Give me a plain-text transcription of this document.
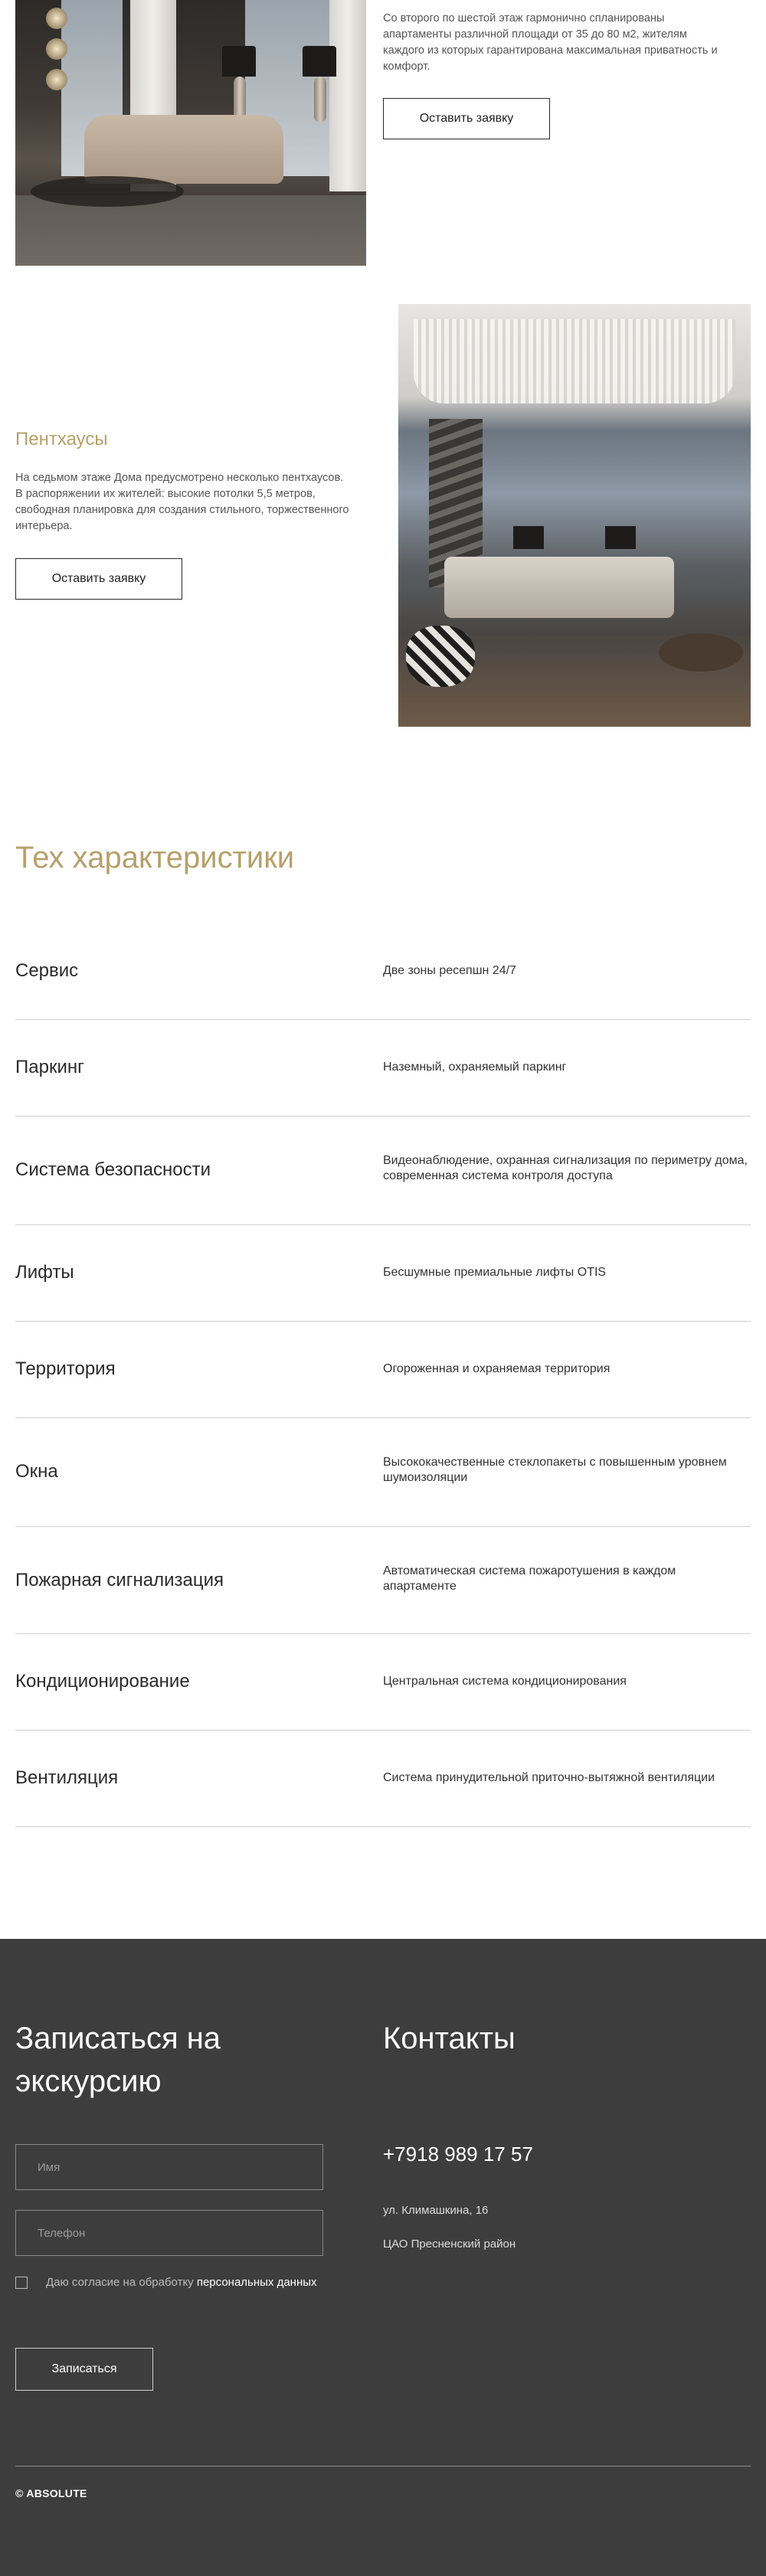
Со второго по шестой этаж гармонично спланированы апартаменты различной площади от 35 до 80 м2, жителям каждого из которых гарантирована максимальная приватность и комфорт.

Оставить заявку
Пентхаусы

На седьмом этаже Дома предусмотрено несколько пентхаусов. В распоряжении их жителей: высокие потолки 5,5 метров, свободная планировка для создания стильного, торжественного интерьера.

Оставить заявку
Тех характеристики
Сервис	Две зоны ресепшн 24/7
Паркинг	Наземный, охраняемый паркинг
Система безопасности	Видеонаблюдение, охранная сигнализация по периметру дома, современная система контроля доступа
Лифты	Бесшумные премиальные лифты OTIS
Территория	Огороженная и охраняемая территория
Окна	Высококачественные стеклопакеты с повышенным уровнем шумоизоляции
Пожарная сигнализация	Автоматическая система пожаротушения в каждом апартаменте
Кондиционирование	Центральная система кондиционирования
Вентиляция	Система принудительной приточно-вытяжной вентиляции
Записаться на экскурсию
Контакты
Имя
Телефон
Даю согласие на обработку персональных данных
Записаться
+7918 989 17 57
ул. Климашкина, 16
ЦАО Пресненский район
© ABSOLUTE
